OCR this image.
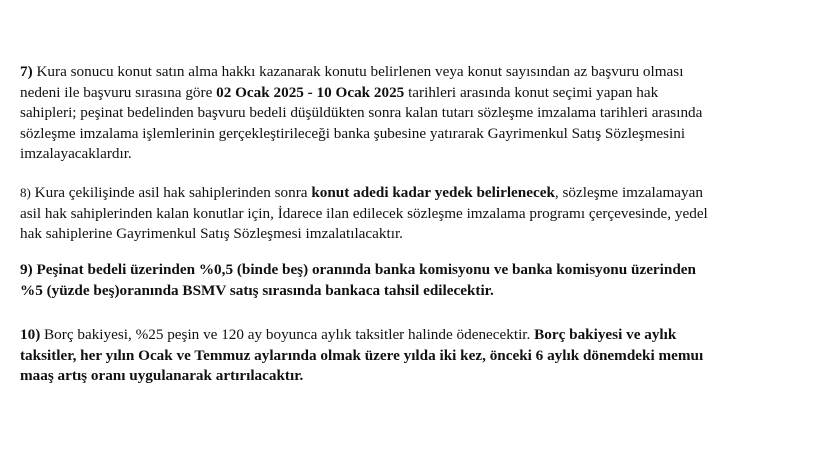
7) Kura sonucu konut satın alma hakkı kazanarak konutu belirlenen veya konut sayısından az başvuru olması
nedeni ile başvuru sırasına göre 02 Ocak 2025 - 10 Ocak 2025 tarihleri arasında konut seçimi yapan hak
sahipleri; peşinat bedelinden başvuru bedeli düşüldükten sonra kalan tutarı sözleşme imzalama tarihleri arasında
sözleşme imzalama işlemlerinin gerçekleştirileceği banka şubesine yatırarak Gayrimenkul Satış Sözleşmesini
imzalayacaklardır.

8) Kura çekilişinde asil hak sahiplerinden sonra konut adedi kadar yedek belirlenecek, sözleşme imzalamayan
asil hak sahiplerinden kalan konutlar için, İdarece ilan edilecek sözleşme imzalama programı çerçevesinde, yedel
hak sahiplerine Gayrimenkul Satış Sözleşmesi imzalatılacaktır.

9) Peşinat bedeli üzerinden %0,5 (binde beş) oranında banka komisyonu ve banka komisyonu üzerinden
%5 (yüzde beş)oranında BSMV satış sırasında bankaca tahsil edilecektir.

10) Borç bakiyesi, %25 peşin ve 120 ay boyunca aylık taksitler halinde ödenecektir. Borç bakiyesi ve aylık
taksitler, her yılın Ocak ve Temmuz aylarında olmak üzere yılda iki kez, önceki 6 aylık dönemdeki memuı
maaş artış oranı uygulanarak artırılacaktır.
